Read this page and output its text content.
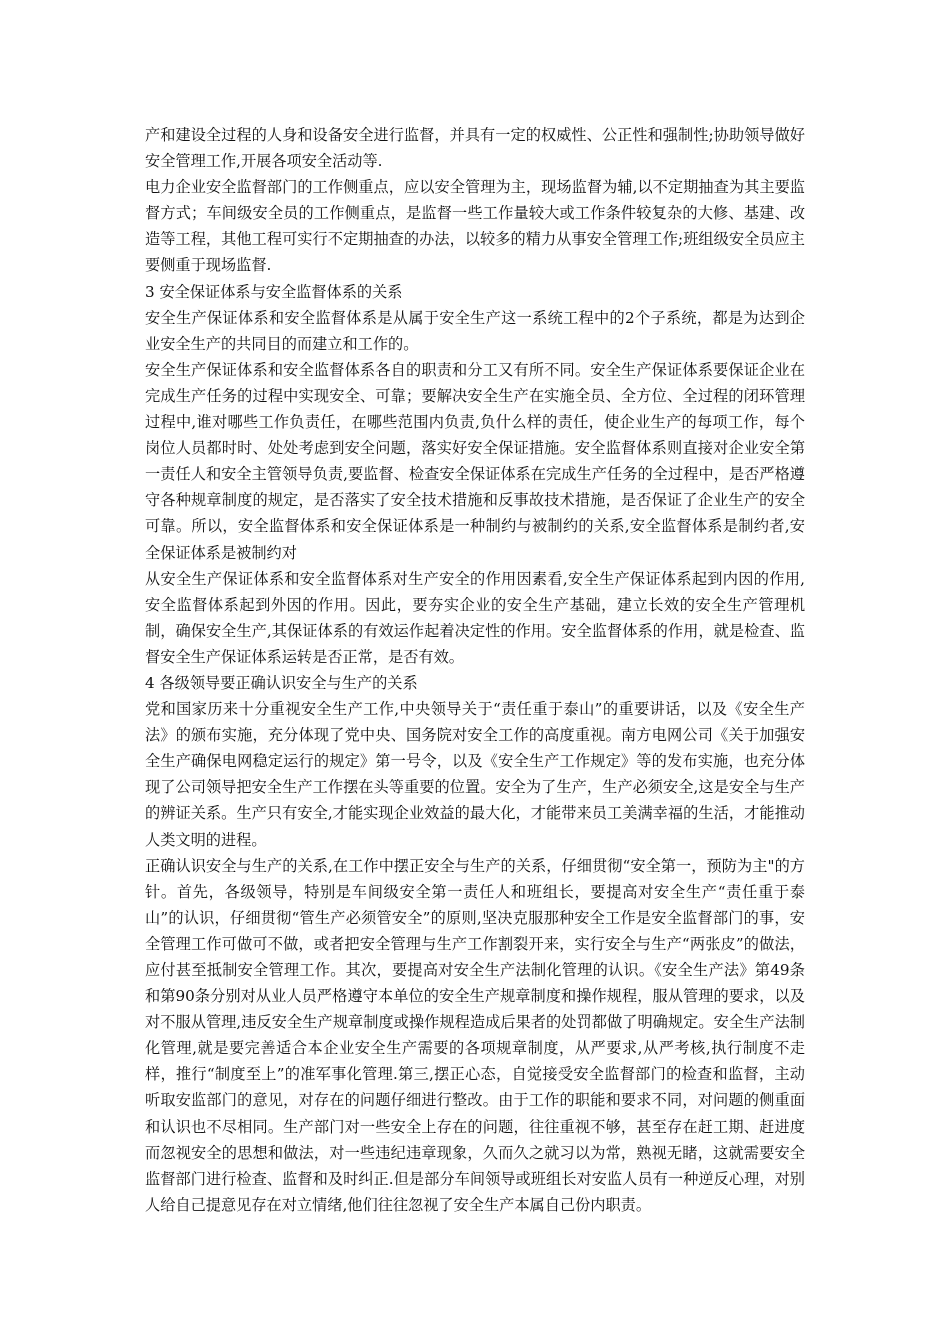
产和建设全过程的人身和设备安全进行监督，并具有一定的权威性、公正性和强制性;协助领导做好安全管理工作,开展各项安全活动等.

电力企业安全监督部门的工作侧重点，应以安全管理为主，现场监督为辅,以不定期抽查为其主要监督方式；车间级安全员的工作侧重点，是监督一些工作量较大或工作条件较复杂的大修、基建、改造等工程，其他工程可实行不定期抽查的办法，以较多的精力从事安全管理工作;班组级安全员应主要侧重于现场监督.

3 安全保证体系与安全监督体系的关系

安全生产保证体系和安全监督体系是从属于安全生产这一系统工程中的2个子系统，都是为达到企业安全生产的共同目的而建立和工作的。

安全生产保证体系和安全监督体系各自的职责和分工又有所不同。安全生产保证体系要保证企业在完成生产任务的过程中实现安全、可靠；要解决安全生产在实施全员、全方位、全过程的闭环管理过程中,谁对哪些工作负责任，在哪些范围内负责,负什么样的责任，使企业生产的每项工作，每个岗位人员都时时、处处考虑到安全问题，落实好安全保证措施。安全监督体系则直接对企业安全第一责任人和安全主管领导负责,要监督、检查安全保证体系在完成生产任务的全过程中，是否严格遵守各种规章制度的规定，是否落实了安全技术措施和反事故技术措施，是否保证了企业生产的安全可靠。所以，安全监督体系和安全保证体系是一种制约与被制约的关系,安全监督体系是制约者,安全保证体系是被制约对

从安全生产保证体系和安全监督体系对生产安全的作用因素看,安全生产保证体系起到内因的作用,安全监督体系起到外因的作用。因此，要夯实企业的安全生产基础，建立长效的安全生产管理机制，确保安全生产,其保证体系的有效运作起着决定性的作用。安全监督体系的作用，就是检查、监督安全生产保证体系运转是否正常，是否有效。

4 各级领导要正确认识安全与生产的关系

党和国家历来十分重视安全生产工作,中央领导关于“责任重于泰山”的重要讲话，以及《安全生产法》的颁布实施，充分体现了党中央、国务院对安全工作的高度重视。南方电网公司《关于加强安全生产确保电网稳定运行的规定》第一号令，以及《安全生产工作规定》等的发布实施，也充分体现了公司领导把安全生产工作摆在头等重要的位置。安全为了生产，生产必须安全,这是安全与生产的辨证关系。生产只有安全,才能实现企业效益的最大化，才能带来员工美满幸福的生活，才能推动人类文明的进程。

正确认识安全与生产的关系,在工作中摆正安全与生产的关系，仔细贯彻“安全第一，预防为主"的方针。首先，各级领导，特别是车间级安全第一责任人和班组长，要提高对安全生产“责任重于泰山”的认识，仔细贯彻“管生产必须管安全”的原则,坚决克服那种安全工作是安全监督部门的事，安全管理工作可做可不做，或者把安全管理与生产工作割裂开来，实行安全与生产“两张皮”的做法，应付甚至抵制安全管理工作。其次，要提高对安全生产法制化管理的认识。《安全生产法》第49条和第90条分别对从业人员严格遵守本单位的安全生产规章制度和操作规程，服从管理的要求，以及对不服从管理,违反安全生产规章制度或操作规程造成后果者的处罚都做了明确规定。安全生产法制化管理,就是要完善适合本企业安全生产需要的各项规章制度，从严要求,从严考核,执行制度不走样，推行“制度至上”的准军事化管理.第三,摆正心态，自觉接受安全监督部门的检查和监督，主动听取安监部门的意见，对存在的问题仔细进行整改。由于工作的职能和要求不同，对问题的侧重面和认识也不尽相同。生产部门对一些安全上存在的问题，往往重视不够，甚至存在赶工期、赶进度而忽视安全的思想和做法，对一些违纪违章现象，久而久之就习以为常，熟视无睹，这就需要安全监督部门进行检查、监督和及时纠正.但是部分车间领导或班组长对安监人员有一种逆反心理，对别人给自己提意见存在对立情绪,他们往往忽视了安全生产本属自己份内职责。
